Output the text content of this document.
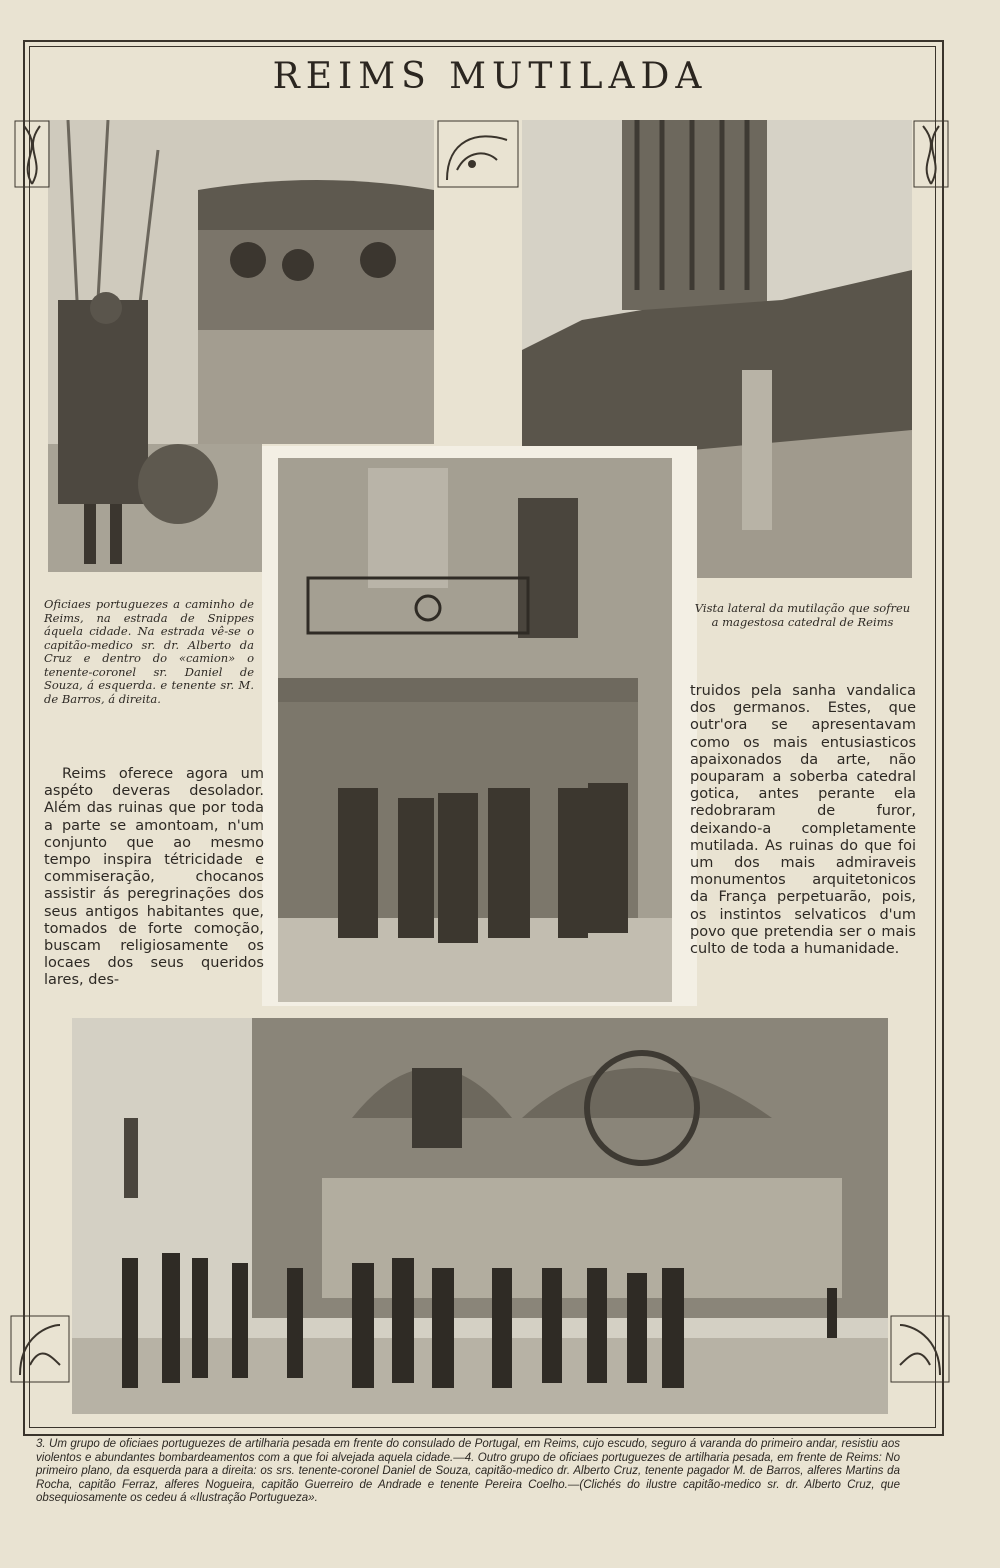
REIMS MUTILADA
Oficiaes portuguezes a caminho de Reims, na estrada de Snippes áquela cidade. Na estrada vê-se o capitão-medico sr. dr. Alberto da Cruz e dentro do «camion» o tenente-coronel sr. Daniel de Souza, á esquerda. e tenente sr. M. de Barros, á direita.
Vista lateral da mutilação que sofreu a magestosa catedral de Reims
Reims oferece agora um aspéto deveras desolador. Além das ruinas que por toda a parte se amontoam, n'um conjunto que ao mesmo tempo inspira tétricidade e commiseração, chocanos assistir ás peregrinações dos seus antigos habitantes que, tomados de forte comoção, buscam religiosamente os locaes dos seus queridos lares, des-
truidos pela sanha vandalica dos germanos. Estes, que outr'ora se apresentavam como os mais entusiasticos apaixonados da arte, não pouparam a soberba catedral gotica, antes perante ela redobraram de furor, deixando-a completamente mutilada. As ruinas do que foi um dos mais admiraveis monumentos arquitetonicos da França perpetuarão, pois, os instintos selvaticos d'um povo que pretendia ser o mais culto de toda a humanidade.
3. Um grupo de oficiaes portuguezes de artilharia pesada em frente do consulado de Portugal, em Reims, cujo escudo, seguro á varanda do primeiro andar, resistiu aos violentos e abundantes bombardeamentos com a que foi alvejada aquela cidade.—4. Outro grupo de oficiaes portuguezes de artilharia pesada, em frente de Reims: No primeiro plano, da esquerda para a direita: os srs. tenente-coronel Daniel de Souza, capitão-medico dr. Alberto Cruz, tenente pagador M. de Barros, alferes Martins da Rocha, capitão Ferraz, alferes Nogueira, capitão Guerreiro de Andrade e tenente Pereira Coelho.—(Clichés do ilustre capitão-medico sr. dr. Alberto Cruz, que obsequiosamente os cedeu á «Ilustração Portugueza».
